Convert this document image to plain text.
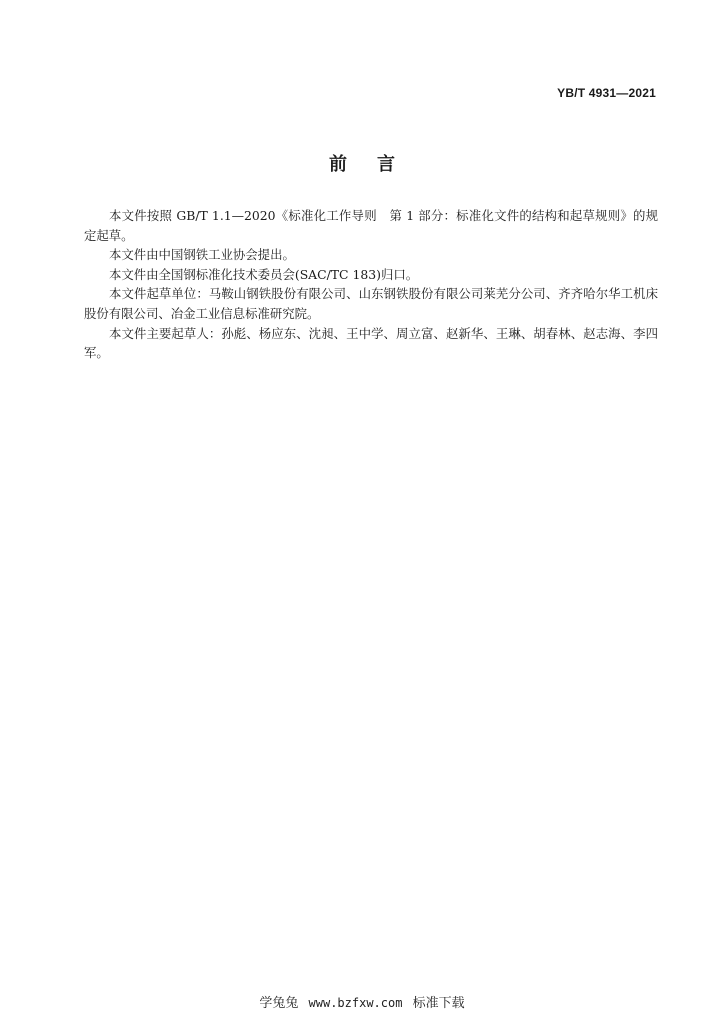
YB/T 4931—2021
前言

本文件按照 GB/T 1.1—2020《标准化工作导则　第 1 部分：标准化文件的结构和起草规则》的规定起草。

本文件由中国钢铁工业协会提出。

本文件由全国钢标准化技术委员会(SAC/TC 183)归口。

本文件起草单位：马鞍山钢铁股份有限公司、山东钢铁股份有限公司莱芜分公司、齐齐哈尔华工机床股份有限公司、冶金工业信息标准研究院。

本文件主要起草人：孙彪、杨应东、沈昶、王中学、周立富、赵新华、王琳、胡春林、赵志海、李四军。

学兔兔 www.bzfxw.com 标准下载
